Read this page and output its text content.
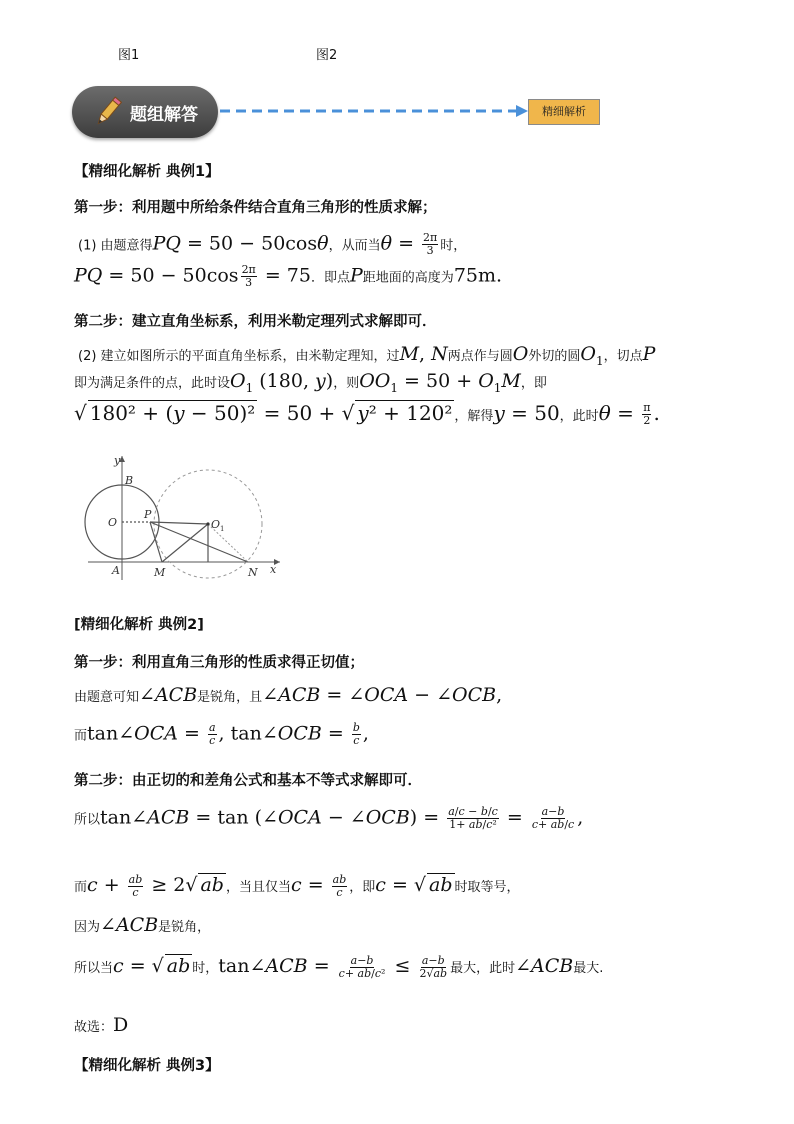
图1	图2
题组解答	精细解析
【精细化解析 典例1】
第一步：利用题中所给条件结合直角三角形的性质求解；
(1) 由题意得PQ = 50 − 50cosθ，从而当$\theta = \frac{2\pi}{3}$ 时，
PQ = $50 - 50\cos \frac{2\pi}{3} = 75$．即点P距地面的高度为75m.
第二步：建立直角坐标系，利用米勒定理列式求解即可．
(2) 建立如图所示的平面直角坐标系，由米勒定理知，过M, N两点作与圆O外切的圆$O_1$，切点P
即为满足条件的点，此时设$O_1$ (180, y)，则$OO_1 = 50 + O_1M$，即
√ 180² + (y − 50)² = 50 + √ y² + 120² ，解得y = 50，此时$\theta = \frac{\pi}{2}$ .
y
x
B
O
P
O 1
A	M	N
[精细化解析 典例2]
第一步：利用直角三角形的性质求得正切值；
由题意可知∠ACB是锐角，且∠ACB = ∠OCA − ∠OCB,
而tan∠OCA = $\frac{a}{c}$ , tan∠OCB = $\frac{b}{c}$ ,
第二步：由正切的和差角公式和基本不等式求解即可．
所以tan∠ACB = tan (∠OCA − ∠OCB) = $\frac{a/c - b/c}{\text{1+ ab/c²}} = \frac{a-b}{c+ ab/c}$ ,
而$c + \frac{ab}{c} \ge 2√$ ab ，当且仅当$c = \frac{ab}{c}$ ，即c = √ ab 时取等号，
因为∠ACB是锐角，
所以当c = √ ab 时，tan∠ACB = $\frac{a-b}{\text{c+ ab/c²}} \le \frac{a-b}{2√ab}$ 最大，此时∠ACB最大.
故选：D
【精细化解析 典例3】
